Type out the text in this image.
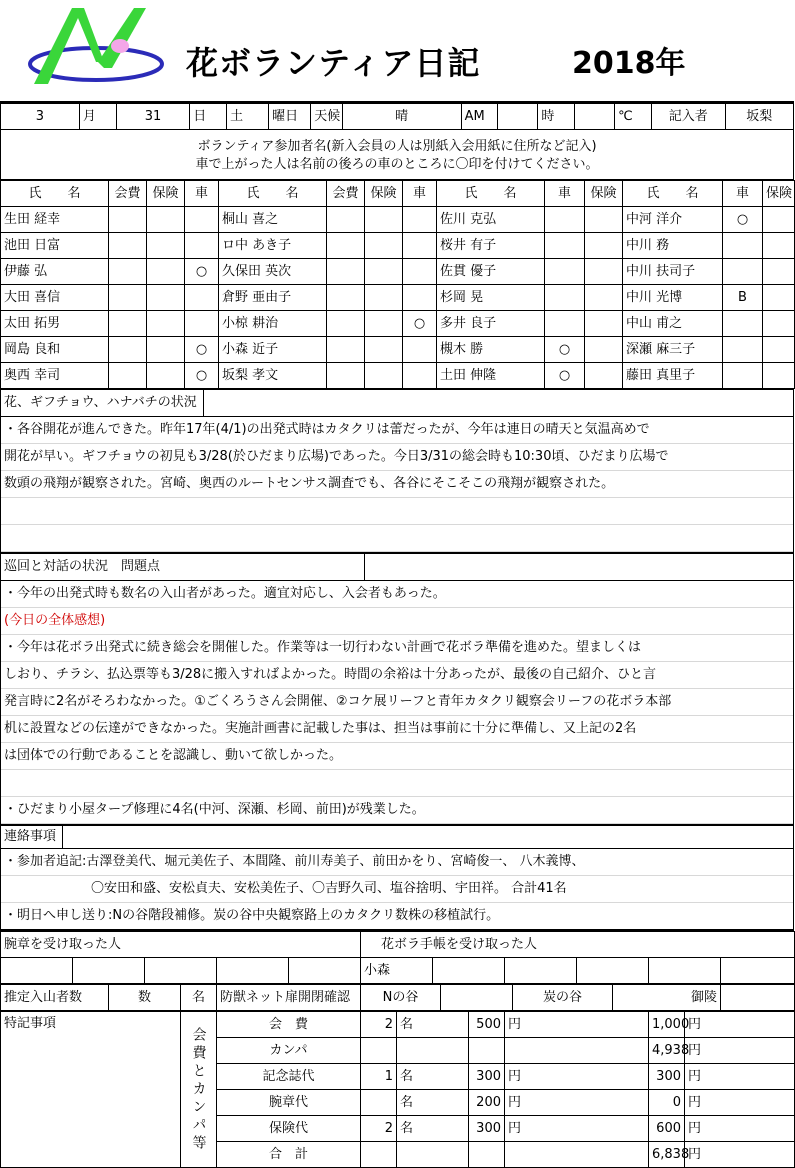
花ボランティア日記	2018年
3	月	31	日	土	曜日	天候	晴	AM		時		℃	記入者	坂梨
ボランティア参加者名(新入会員の人は別紙入会用紙に住所など記入)
車で上がった人は名前の後ろの車のところに〇印を付けてください。
氏　　名	会費	保険	車	氏　　名	会費	保険	車	氏　　名	車	保険	氏　　名	車	保険
生田 経幸				桐山 喜之				佐川 克弘			中河 洋介	○	
池田 日富				ロ中 あき子				桜井 有子			中川 務		
伊藤 弘			○	久保田 英次				佐貫 優子			中川 扶司子		
大田 喜信				倉野 亜由子				杉岡 晃			中川 光博	B	
太田 拓男				小椋 耕治			○	多井 良子			中山 甫之		
岡島 良和			○	小森 近子				槻木 勝	○		深瀬 麻三子		
奥西 幸司			○	坂梨 孝文				土田 伸隆	○		藤田 真里子		
花、ギフチョウ、ハナバチの状況
・各谷開花が進んできた。昨年17年(4/1)の出発式時はカタクリは蕾だったが、今年は連日の晴天と気温高めで
開花が早い。ギフチョウの初見も3/28(於ひだまり広場)であった。今日3/31の総会時も10:30頃、ひだまり広場で
数頭の飛翔が観察された。宮崎、奥西のルートセンサス調査でも、各谷にそこそこの飛翔が観察された。
巡回と対話の状況　問題点
・今年の出発式時も数名の入山者があった。適宜対応し、入会者もあった。
(今日の全体感想)
・今年は花ボラ出発式に続き総会を開催した。作業等は一切行わない計画で花ボラ準備を進めた。望ましくは
しおり、チラシ、払込票等も3/28に搬入すればよかった。時間の余裕は十分あったが、最後の自己紹介、ひと言
発言時に2名がそろわなかった。①ごくろうさん会開催、②コケ展リーフと青年カタクリ観察会リーフの花ボラ本部
机に設置などの伝達ができなかった。実施計画書に記載した事は、担当は事前に十分に準備し、又上記の2名
は団体での行動であることを認識し、動いて欲しかった。
・ひだまり小屋タープ修理に4名(中河、深瀬、杉岡、前田)が残業した。
連絡事項
・参加者追記:古澤登美代、堀元美佐子、本間隆、前川寿美子、前田かをり、宮崎俊一、 八木義博、
〇安田和盛、安松貞夫、安松美佐子、〇吉野久司、塩谷捨明、宇田祥。 合計41名
・明日へ申し送り:Nの谷階段補修。炭の谷中央観察路上のカタクリ数株の移植試行。
腕章を受け取った人					花ボラ手帳を受け取った人					
					小森					
推定入山者数	数	名	防獣ネット扉開閉確認	Nの谷		炭の谷	御陵	
特記事項	会費とカンパ等	会　費	2	名	500	円	1,000	円
		カンパ					4,938	円
		記念誌代	1	名	300	円	300	円
		腕章代		名	200	円	0	円
		保険代	2	名	300	円	600	円
		合　計					6,838	円
